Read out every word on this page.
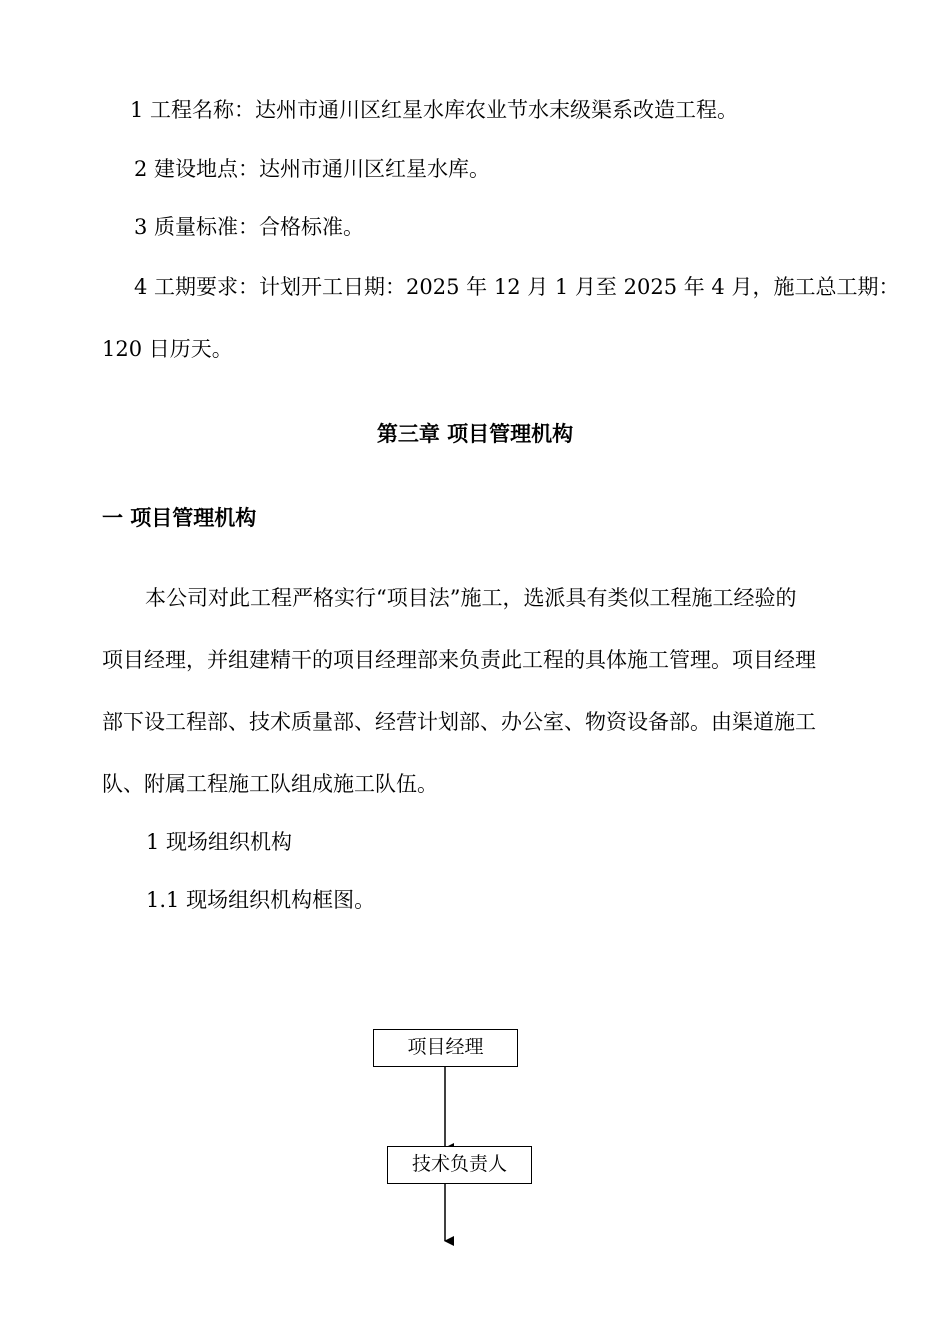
1 工程名称：达州市通川区红星水库农业节水末级渠系改造工程。
2 建设地点：达州市通川区红星水库。
3 质量标准：合格标准。
4 工期要求：计划开工日期：2025 年 12 月 1 月至 2025 年 4 月，施工总工期：
120 日历天。
第三章 项目管理机构
一 项目管理机构
本公司对此工程严格实行“项目法”施工，选派具有类似工程施工经验的
项目经理，并组建精干的项目经理部来负责此工程的具体施工管理。项目经理
部下设工程部、技术质量部、经营计划部、办公室、物资设备部。由渠道施工
队、附属工程施工队组成施工队伍。
1 现场组织机构
1.1 现场组织机构框图。
项目经理
技术负责人
